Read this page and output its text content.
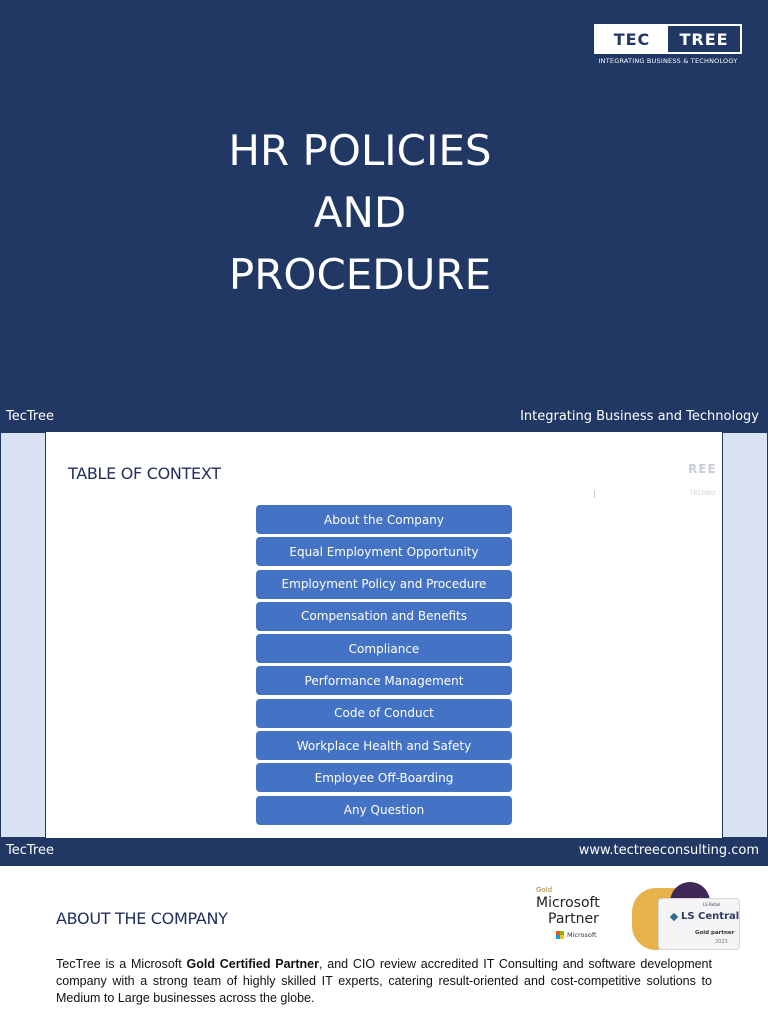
TEC	TREE
INTEGRATING BUSINESS & TECHNOLOGY
HR POLICIES
AND
PROCEDURE
TecTree	Integrating Business and Technology
TABLE OF CONTEXT	REE
TECHNO
About the Company
Equal Employment Opportunity
Employment Policy and Procedure
Compensation and Benefits
Compliance
Performance Management
Code of Conduct
Workplace Health and Safety
Employee Off-Boarding
Any Question
TecTree	www.tectreeconsulting.com
ABOUT THE COMPANY
Gold
Microsoft
Partner
Microsoft
LS Retail
LS Central
Gold partner
2023

TecTree is a Microsoft Gold Certified Partner, and CIO review accredited IT Consulting and software development company with a strong team of highly skilled IT experts, catering result-oriented and cost-competitive solutions to Medium to Large businesses across the globe.
